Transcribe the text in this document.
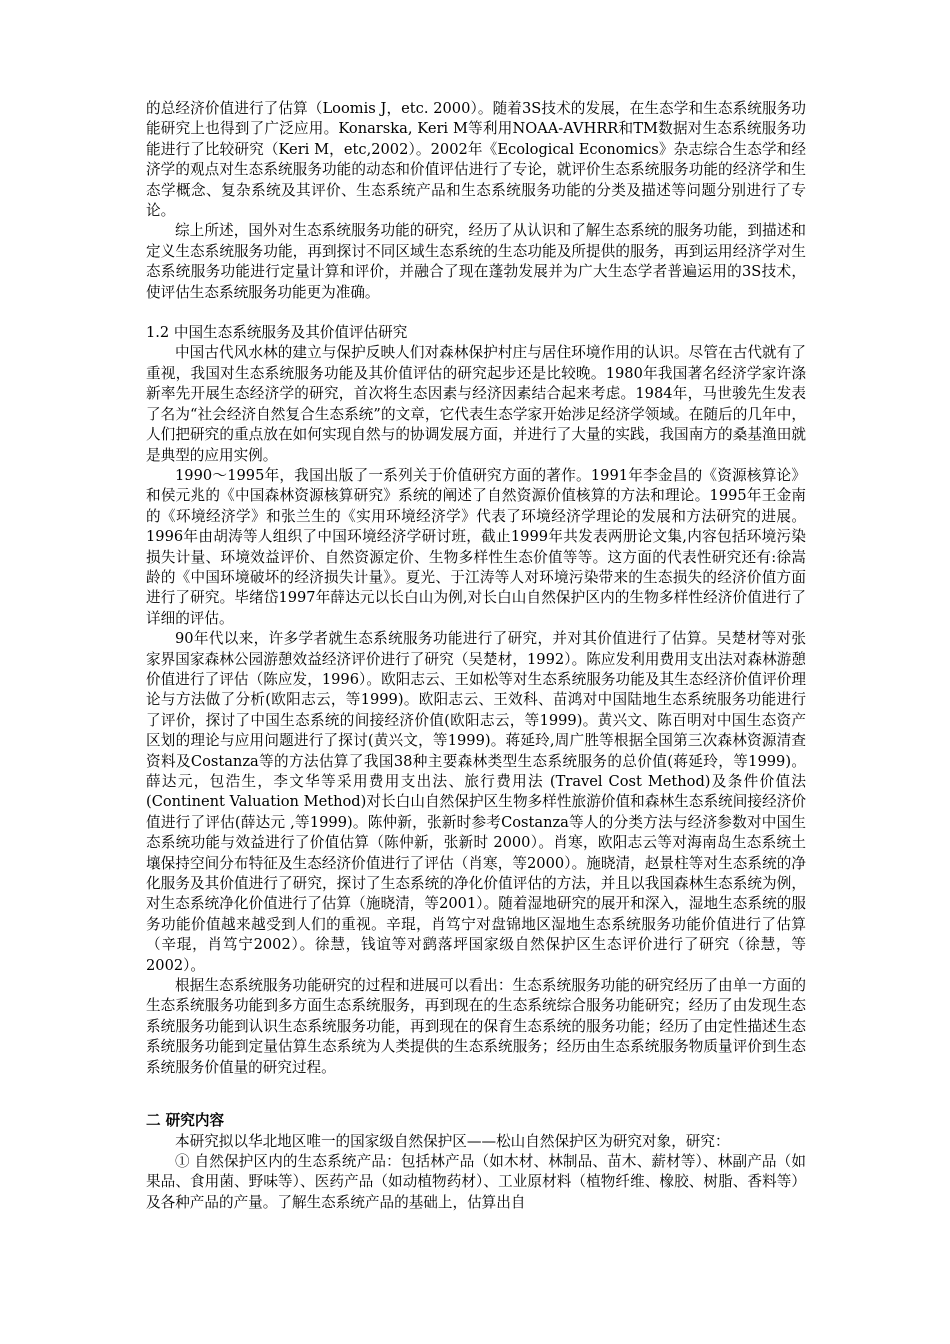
的总经济价值进行了估算（Loomis J，etc. 2000）。随着3S技术的发展，在生态学和生态系统服务功能研究上也得到了广泛应用。Konarska, Keri M等利用NOAA-AVHRR和TM数据对生态系统服务功能进行了比较研究（Keri M，etc,2002）。2002年《Ecological Economics》杂志综合生态学和经济学的观点对生态系统服务功能的动态和价值评估进行了专论，就评价生态系统服务功能的经济学和生态学概念、复杂系统及其评价、生态系统产品和生态系统服务功能的分类及描述等问题分别进行了专论。

综上所述，国外对生态系统服务功能的研究，经历了从认识和了解生态系统的服务功能，到描述和定义生态系统服务功能，再到探讨不同区域生态系统的生态功能及所提供的服务，再到运用经济学对生态系统服务功能进行定量计算和评价，并融合了现在蓬勃发展并为广大生态学者普遍运用的3S技术，使评估生态系统服务功能更为准确。

1.2 中国生态系统服务及其价值评估研究

中国古代风水林的建立与保护反映人们对森林保护村庄与居住环境作用的认识。尽管在古代就有了重视，我国对生态系统服务功能及其价值评估的研究起步还是比较晚。1980年我国著名经济学家许涤新率先开展生态经济学的研究，首次将生态因素与经济因素结合起来考虑。1984年，马世骏先生发表了名为“社会经济自然复合生态系统”的文章，它代表生态学家开始涉足经济学领域。在随后的几年中，人们把研究的重点放在如何实现自然与的协调发展方面，并进行了大量的实践，我国南方的桑基渔田就是典型的应用实例。

1990～1995年，我国出版了一系列关于价值研究方面的著作。1991年李金昌的《资源核算论》和侯元兆的《中国森林资源核算研究》系统的阐述了自然资源价值核算的方法和理论。1995年王金南的《环境经济学》和张兰生的《实用环境经济学》代表了环境经济学理论的发展和方法研究的进展。1996年由胡涛等人组织了中国环境经济学研讨班，截止1999年共发表两册论文集,内容包括环境污染损失计量、环境效益评价、自然资源定价、生物多样性生态价值等等。这方面的代表性研究还有:徐嵩龄的《中国环境破坏的经济损失计量》。夏光、于江涛等人对环境污染带来的生态损失的经济价值方面进行了研究。毕绪岱1997年薛达元以长白山为例,对长白山自然保护区内的生物多样性经济价值进行了详细的评估。

90年代以来，许多学者就生态系统服务功能进行了研究，并对其价值进行了估算。吴楚材等对张家界国家森林公园游憩效益经济评价进行了研究（吴楚材，1992）。陈应发利用费用支出法对森林游憩价值进行了评估（陈应发，1996）。欧阳志云、王如松等对生态系统服务功能及其生态经济价值评价理论与方法做了分析(欧阳志云，等1999)。欧阳志云、王效科、苗鸿对中国陆地生态系统服务功能进行了评价，探讨了中国生态系统的间接经济价值(欧阳志云，等1999)。黄兴文、陈百明对中国生态资产区划的理论与应用问题进行了探讨(黄兴文，等1999)。蒋延玲,周广胜等根据全国第三次森林资源清查资料及Costanza等的方法估算了我国38种主要森林类型生态系统服务的总价值(蒋延玲，等1999)。薛达元，包浩生，李文华等采用费用支出法、旅行费用法 (Travel Cost Method)及条件价值法(Continent Valuation Method)对长白山自然保护区生物多样性旅游价值和森林生态系统间接经济价值进行了评估(薛达元 ,等1999)。陈仲新，张新时参考Costanza等人的分类方法与经济参数对中国生态系统功能与效益进行了价值估算（陈仲新，张新时 2000）。肖寒，欧阳志云等对海南岛生态系统土壤保持空间分布特征及生态经济价值进行了评估（肖寒，等2000）。施晓清，赵景柱等对生态系统的净化服务及其价值进行了研究，探讨了生态系统的净化价值评估的方法，并且以我国森林生态系统为例，对生态系统净化价值进行了估算（施晓清，等2001）。随着湿地研究的展开和深入，湿地生态系统的服务功能价值越来越受到人们的重视。辛琨，肖笃宁对盘锦地区湿地生态系统服务功能价值进行了估算（辛琨，肖笃宁2002）。徐慧，钱谊等对鹞落坪国家级自然保护区生态评价进行了研究（徐慧，等2002）。

根据生态系统服务功能研究的过程和进展可以看出：生态系统服务功能的研究经历了由单一方面的生态系统服务功能到多方面生态系统服务，再到现在的生态系统综合服务功能研究；经历了由发现生态系统服务功能到认识生态系统服务功能，再到现在的保育生态系统的服务功能；经历了由定性描述生态系统服务功能到定量估算生态系统为人类提供的生态系统服务；经历由生态系统服务物质量评价到生态系统服务价值量的研究过程。

二 研究内容

本研究拟以华北地区唯一的国家级自然保护区——松山自然保护区为研究对象，研究：

① 自然保护区内的生态系统产品：包括林产品（如木材、林制品、苗木、薪材等）、林副产品（如果品、食用菌、野味等）、医药产品（如动植物药材）、工业原材料（植物纤维、橡胶、树脂、香料等）及各种产品的产量。了解生态系统产品的基础上，估算出自
